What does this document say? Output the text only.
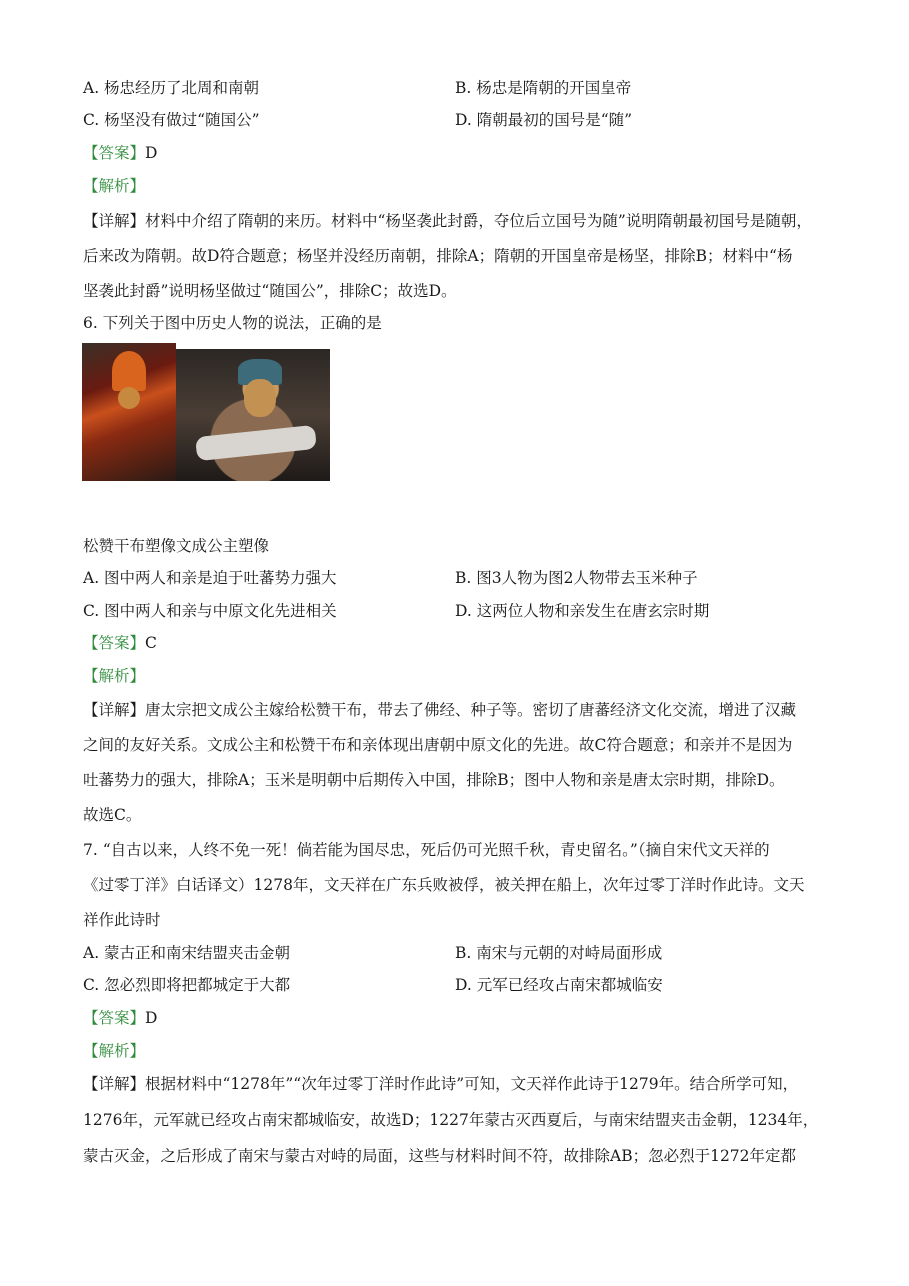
A. 杨忠经历了北周和南朝	B. 杨忠是隋朝的开国皇帝
C. 杨坚没有做过“随国公”	D. 隋朝最初的国号是“随”
【答案】D
【解析】
【详解】材料中介绍了隋朝的来历。材料中“杨坚袭此封爵，夺位后立国号为随”说明隋朝最初国号是随朝，
后来改为隋朝。故D符合题意；杨坚并没经历南朝，排除A；隋朝的开国皇帝是杨坚，排除B；材料中“杨
坚袭此封爵”说明杨坚做过“随国公”，排除C；故选D。
6. 下列关于图中历史人物的说法，正确的是
松赞干布塑像文成公主塑像
A. 图中两人和亲是迫于吐蕃势力强大	B. 图3人物为图2人物带去玉米种子
C. 图中两人和亲与中原文化先进相关	D. 这两位人物和亲发生在唐玄宗时期
【答案】C
【解析】
【详解】唐太宗把文成公主嫁给松赞干布，带去了佛经、种子等。密切了唐蕃经济文化交流，增进了汉藏
之间的友好关系。文成公主和松赞干布和亲体现出唐朝中原文化的先进。故C符合题意；和亲并不是因为
吐蕃势力的强大，排除A；玉米是明朝中后期传入中国，排除B；图中人物和亲是唐太宗时期，排除D。
故选C。
7. “自古以来，人终不免一死！倘若能为国尽忠，死后仍可光照千秋，青史留名。”（摘自宋代文天祥的
《过零丁洋》白话译文）1278年，文天祥在广东兵败被俘，被关押在船上，次年过零丁洋时作此诗。文天
祥作此诗时
A. 蒙古正和南宋结盟夹击金朝	B. 南宋与元朝的对峙局面形成
C. 忽必烈即将把都城定于大都	D. 元军已经攻占南宋都城临安
【答案】D
【解析】
【详解】根据材料中“1278年”“次年过零丁洋时作此诗”可知，文天祥作此诗于1279年。结合所学可知，
1276年，元军就已经攻占南宋都城临安，故选D；1227年蒙古灭西夏后，与南宋结盟夹击金朝，1234年，
蒙古灭金，之后形成了南宋与蒙古对峙的局面，这些与材料时间不符，故排除AB；忽必烈于1272年定都
